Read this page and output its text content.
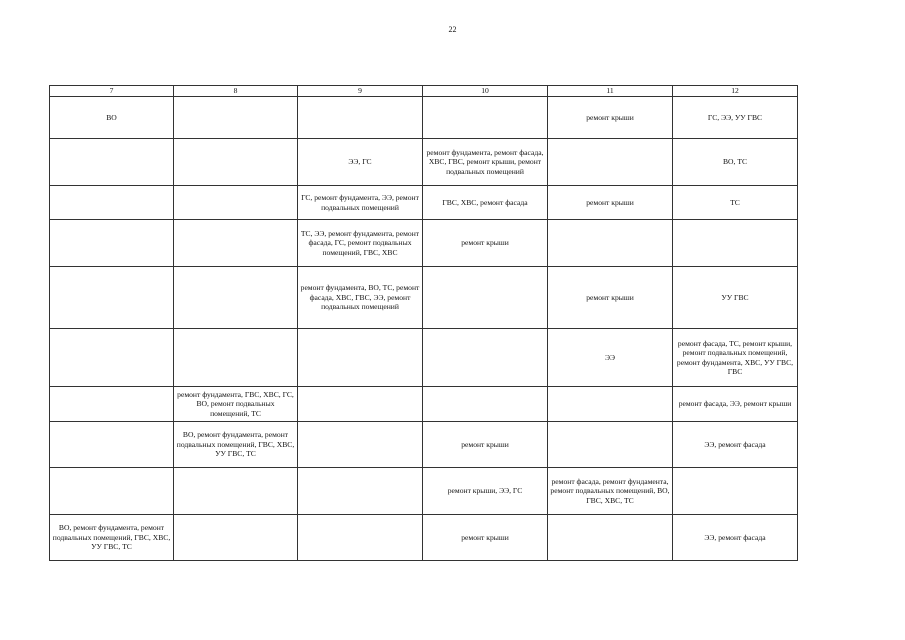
22
7	8	9	10	11	12
ВО				ремонт крыши	ГС, ЭЭ, УУ ГВС
		ЭЭ, ГС	ремонт фундамента, ремонт фасада, ХВС, ГВС, ремонт крыши, ремонт подвальных помещений		ВО, ТС
		ГС, ремонт фундамента, ЭЭ, ремонт подвальных помещений	ГВС, ХВС, ремонт фасада	ремонт крыши	ТС
		ТС, ЭЭ, ремонт фундамента, ремонт фасада, ГС, ремонт подвальных помещений, ГВС, ХВС	ремонт крыши		
		ремонт фундамента, ВО, ТС, ремонт фасада, ХВС, ГВС, ЭЭ, ремонт подвальных помещений		ремонт крыши	УУ ГВС
				ЭЭ	ремонт фасада, ТС, ремонт крыши, ремонт подвальных помещений, ремонт фундамента, ХВС, УУ ГВС, ГВС
	ремонт фундамента, ГВС, ХВС, ГС, ВО, ремонт подвальных помещений, ТС				ремонт фасада, ЭЭ, ремонт крыши
	ВО, ремонт фундамента, ремонт подвальных помещений, ГВС, ХВС, УУ ГВС, ТС		ремонт крыши		ЭЭ, ремонт фасада
			ремонт крыши, ЭЭ, ГС	ремонт фасада, ремонт фундамента, ремонт подвальных помещений, ВО, ГВС, ХВС, ТС	
ВО, ремонт фундамента, ремонт подвальных помещений, ГВС, ХВС, УУ ГВС, ТС			ремонт крыши		ЭЭ, ремонт фасада
